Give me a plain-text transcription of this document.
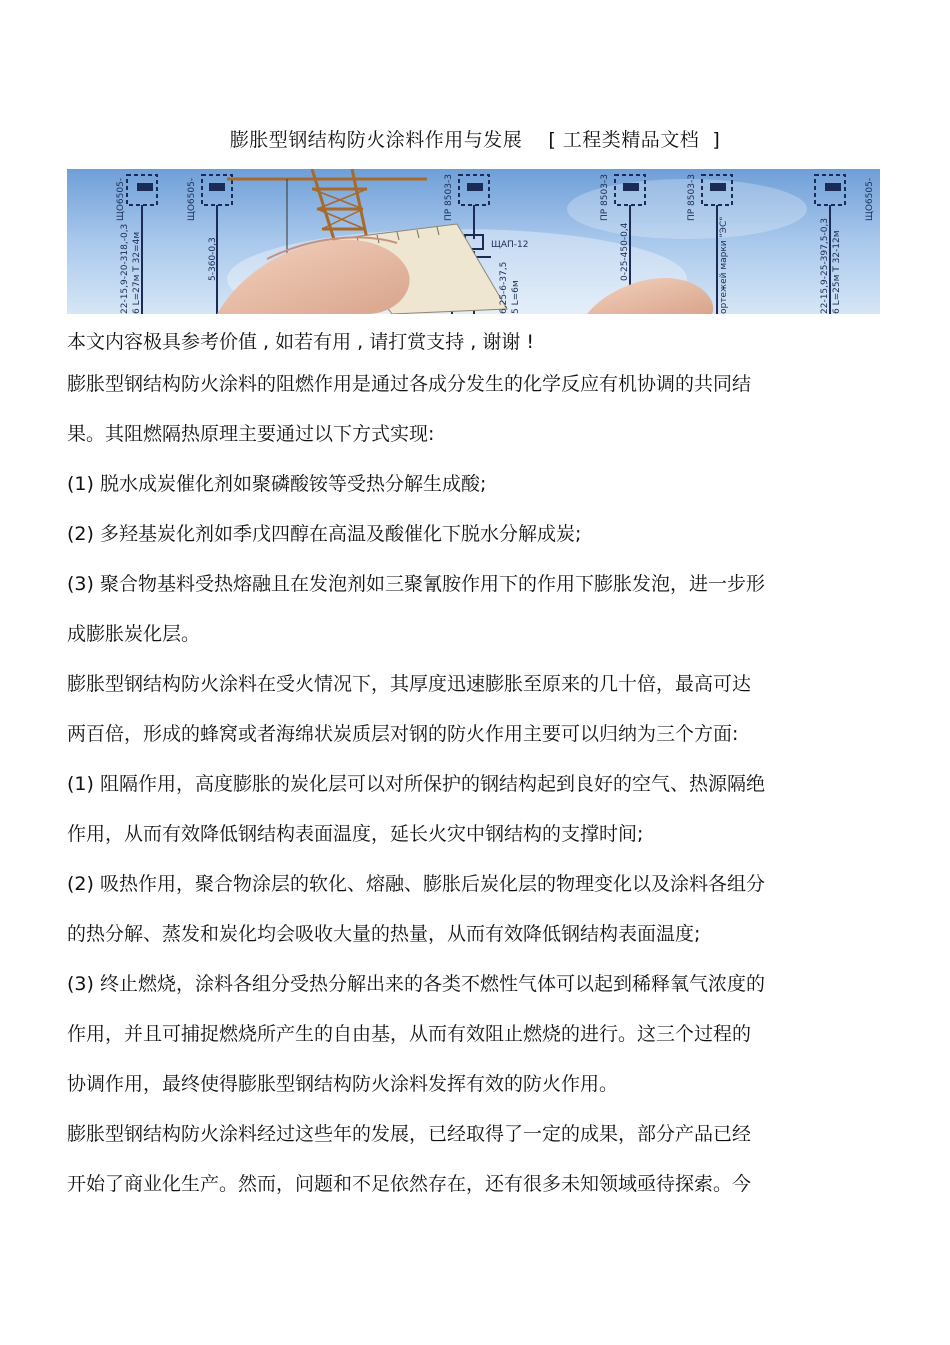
膨胀型钢结构防火涂料作用与发展    [ 工程类精品文档  ]
ЩО6505-	ЩО6505-	ПР 8503-3
ЩАП-12
ПР 8503-3	ПР 8503-3	ЩО6505-
22-15,9-20-318,-0,3 6 L=27м Т 32=4м	5-360-0,3
6,25-6-37,5 5 L=6м
0-25-450-0,4	ортежей марки "ЭС"	22-15,9-25-397,5-0,3 6 L=25м Т 32-12м

本文内容极具参考价值 , 如若有用 , 请打赏支持 , 谢谢 !

膨胀型钢结构防火涂料的阻燃作用是通过各成分发生的化学反应有机协调的共同结

果。其阻燃隔热原理主要通过以下方式实现:

(1) 脱水成炭催化剂如聚磷酸铵等受热分解生成酸;

(2) 多羟基炭化剂如季戊四醇在高温及酸催化下脱水分解成炭;

(3) 聚合物基料受热熔融且在发泡剂如三聚氰胺作用下的作用下膨胀发泡，进一步形

成膨胀炭化层。

膨胀型钢结构防火涂料在受火情况下，其厚度迅速膨胀至原来的几十倍，最高可达

两百倍，形成的蜂窝或者海绵状炭质层对钢的防火作用主要可以归纳为三个方面:

(1) 阻隔作用，高度膨胀的炭化层可以对所保护的钢结构起到良好的空气、热源隔绝

作用，从而有效降低钢结构表面温度，延长火灾中钢结构的支撑时间;

(2) 吸热作用，聚合物涂层的软化、熔融、膨胀后炭化层的物理变化以及涂料各组分

的热分解、蒸发和炭化均会吸收大量的热量，从而有效降低钢结构表面温度;

(3) 终止燃烧，涂料各组分受热分解出来的各类不燃性气体可以起到稀释氧气浓度的

作用，并且可捕捉燃烧所产生的自由基，从而有效阻止燃烧的进行。这三个过程的

协调作用，最终使得膨胀型钢结构防火涂料发挥有效的防火作用。

膨胀型钢结构防火涂料经过这些年的发展，已经取得了一定的成果，部分产品已经

开始了商业化生产。然而，问题和不足依然存在，还有很多未知领域亟待探索。今
